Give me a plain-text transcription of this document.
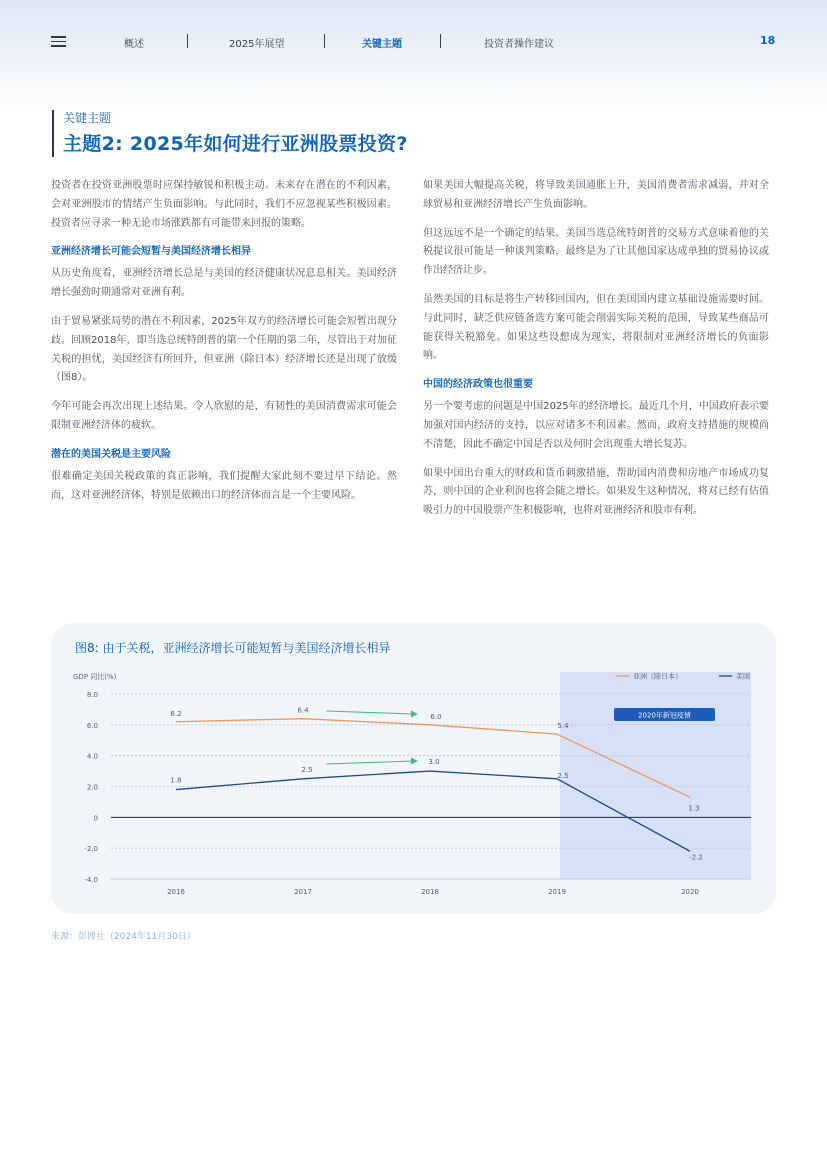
概述	2025年展望	关键主题	投资者操作建议	18
关键主题
主题2: 2025年如何进行亚洲股票投资?

投资者在投资亚洲股票时应保持敏锐和积极主动。未来存在潜在的不利因素，会对亚洲股市的情绪产生负面影响。与此同时，我们不应忽视某些积极因素。投资者应寻求一种无论市场涨跌都有可能带来回报的策略。

亚洲经济增长可能会短暂与美国经济增长相异

从历史角度看，亚洲经济增长总是与美国的经济健康状况息息相关。美国经济增长强劲时期通常对亚洲有利。

由于贸易紧张局势的潜在不利因素，2025年双方的经济增长可能会短暂出现分歧。回顾2018年，即当选总统特朗普的第一个任期的第二年，尽管出于对加征关税的担忧，美国经济有所回升，但亚洲（除日本）经济增长还是出现了放缓（图8）。

今年可能会再次出现上述结果。令人欣慰的是，有韧性的美国消费需求可能会限制亚洲经济体的疲软。

潜在的美国关税是主要风险

很难确定美国关税政策的真正影响，我们提醒大家此刻不要过早下结论。然而，这对亚洲经济体，特别是依赖出口的经济体而言是一个主要风险。

如果美国大幅提高关税，将导致美国通胀上升，美国消费者需求减弱，并对全球贸易和亚洲经济增长产生负面影响。

但这远远不是一个确定的结果。美国当选总统特朗普的交易方式意味着他的关税提议很可能是一种谈判策略，最终是为了让其他国家达成单独的贸易协议或作出经济让步。

虽然美国的目标是将生产转移回国内，但在美国国内建立基础设施需要时间。与此同时，缺乏供应链备选方案可能会削弱实际关税的范围，导致某些商品可能获得关税豁免。如果这些设想成为现实，将限制对亚洲经济增长的负面影响。

中国的经济政策也很重要

另一个要考虑的问题是中国2025年的经济增长。最近几个月，中国政府表示要加强对国内经济的支持，以应对诸多不利因素。然而，政府支持措施的规模尚不清楚，因此不确定中国是否以及何时会出现重大增长复苏。

如果中国出台重大的财政和货币刺激措施，帮助国内消费和房地产市场成功复苏，则中国的企业利润也将会随之增长。如果发生这种情况，将对已经有估值吸引力的中国股票产生积极影响，也将对亚洲经济和股市有利。

图8: 由于关税，亚洲经济增长可能短暂与美国经济增长相异
8.0
6.0
4.0
2.0
0
-2.0
-4.0
GDP 同比(%)
2016	2017	2018	2019	2020
2020年新冠疫情
6.2	6.4
6.0
5.4
1.3
1.8
2.5
3.0
2.5
-2.2
亚洲（除日本）	美国
来源：彭博社（2024年11月30日）
